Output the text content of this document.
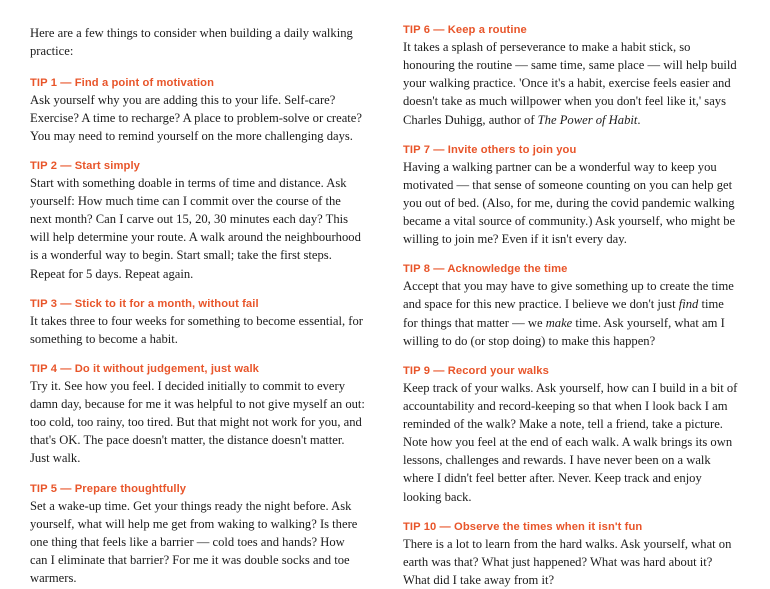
Here are a few things to consider when building a daily walking practice:

TIP 1 — Find a point of motivation

Ask yourself why you are adding this to your life. Self-care? Exercise? A time to recharge? A place to problem-solve or create? You may need to remind yourself on the more challenging days.

TIP 2 — Start simply

Start with something doable in terms of time and distance. Ask yourself: How much time can I commit over the course of the next month? Can I carve out 15, 20, 30 minutes each day? This will help determine your route. A walk around the neighbourhood is a wonderful way to begin. Start small; take the first steps. Repeat for 5 days. Repeat again.

TIP 3 — Stick to it for a month, without fail

It takes three to four weeks for something to become essential, for something to become a habit.

TIP 4 — Do it without judgement, just walk

Try it. See how you feel. I decided initially to commit to every damn day, because for me it was helpful to not give myself an out: too cold, too rainy, too tired. But that might not work for you, and that's OK. The pace doesn't matter, the distance doesn't matter. Just walk.

TIP 5 — Prepare thoughtfully

Set a wake-up time. Get your things ready the night before. Ask yourself, what will help me get from waking to walking? Is there one thing that feels like a barrier — cold toes and hands? How can I eliminate that barrier? For me it was double socks and toe warmers.

TIP 6 — Keep a routine

It takes a splash of perseverance to make a habit stick, so honouring the routine — same time, same place — will help build your walking practice. 'Once it's a habit, exercise feels easier and doesn't take as much willpower when you don't feel like it,' says Charles Duhigg, author of The Power of Habit.

TIP 7 — Invite others to join you

Having a walking partner can be a wonderful way to keep you motivated — that sense of someone counting on you can help get you out of bed. (Also, for me, during the covid pandemic walking became a vital source of community.) Ask yourself, who might be willing to join me? Even if it isn't every day.

TIP 8 — Acknowledge the time

Accept that you may have to give something up to create the time and space for this new practice. I believe we don't just find time for things that matter — we make time. Ask yourself, what am I willing to do (or stop doing) to make this happen?

TIP 9 — Record your walks

Keep track of your walks. Ask yourself, how can I build in a bit of accountability and record-keeping so that when I look back I am reminded of the walk? Make a note, tell a friend, take a picture. Note how you feel at the end of each walk. A walk brings its own lessons, challenges and rewards. I have never been on a walk where I didn't feel better after. Never. Keep track and enjoy looking back.

TIP 10 — Observe the times when it isn't fun

There is a lot to learn from the hard walks. Ask yourself, what on earth was that? What just happened? What was hard about it? What did I take away from it?
